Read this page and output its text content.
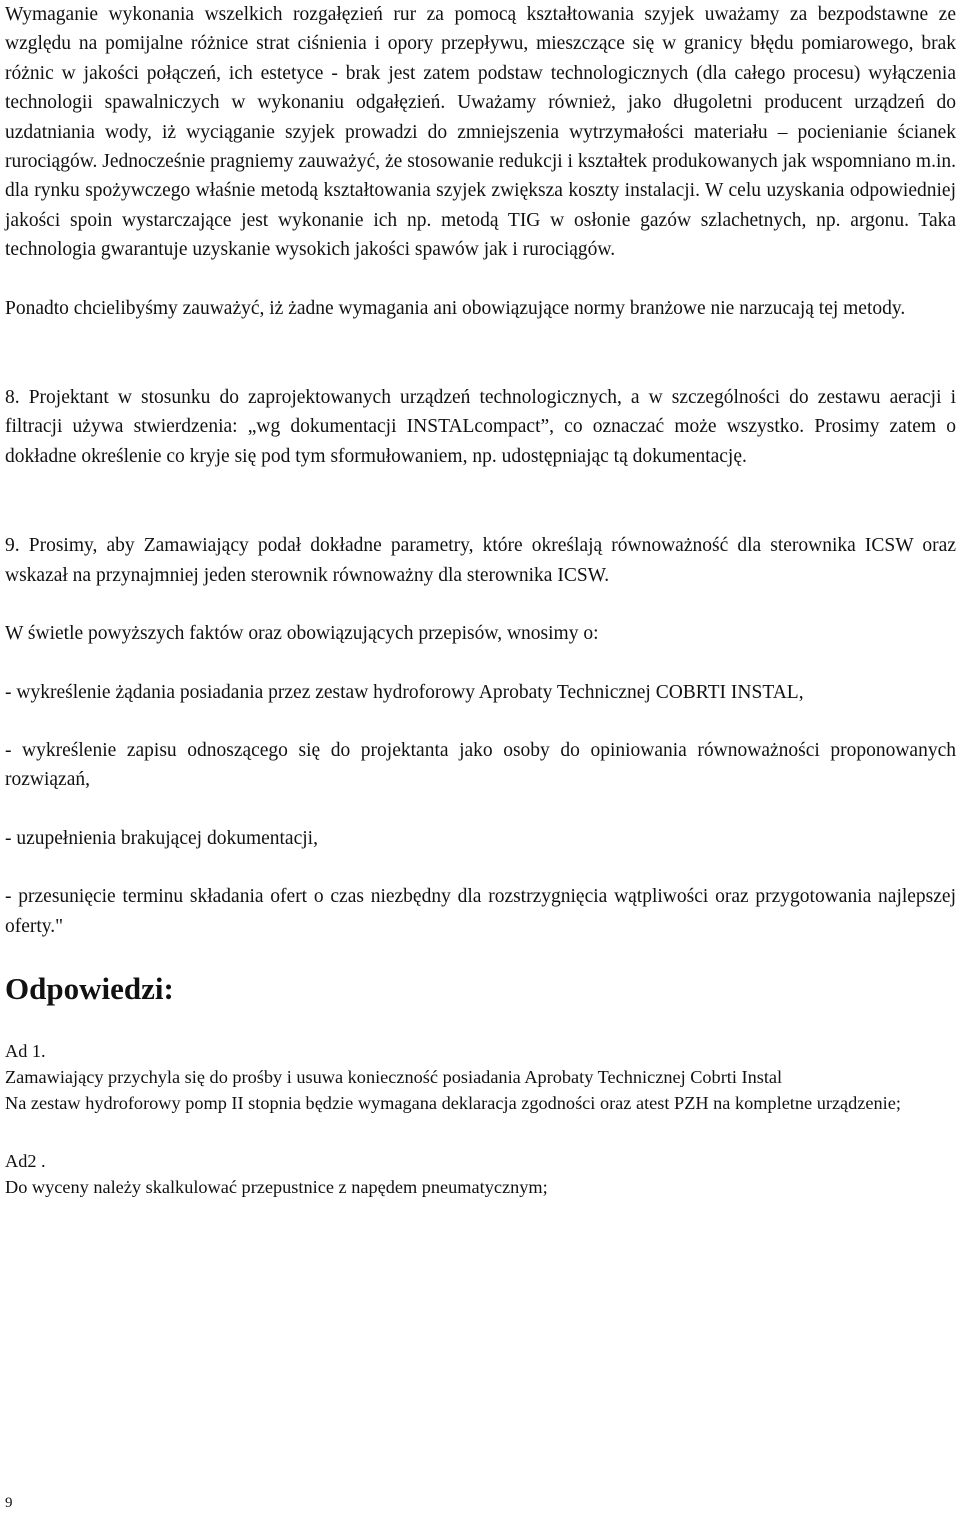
Wymaganie wykonania wszelkich rozgałęzień rur za pomocą kształtowania szyjek uważamy za bezpodstawne ze względu na pomijalne różnice strat ciśnienia i opory przepływu, mieszczące się w granicy błędu pomiarowego, brak różnic w jakości połączeń, ich estetyce - brak jest zatem podstaw technologicznych (dla całego procesu) wyłączenia technologii spawalniczych w wykonaniu odgałęzień. Uważamy również, jako długoletni producent urządzeń do uzdatniania wody, iż wyciąganie szyjek prowadzi do zmniejszenia wytrzymałości materiału – pocienianie ścianek rurociągów. Jednocześnie pragniemy zauważyć, że stosowanie redukcji i kształtek produkowanych jak wspomniano m.in. dla rynku spożywczego właśnie metodą kształtowania szyjek zwiększa koszty instalacji. W celu uzyskania odpowiedniej jakości spoin wystarczające jest wykonanie ich np. metodą TIG w osłonie gazów szlachetnych, np. argonu. Taka technologia gwarantuje uzyskanie wysokich jakości spawów jak i rurociągów.

Ponadto chcielibyśmy zauważyć, iż żadne wymagania ani obowiązujące normy branżowe nie narzucają tej metody.

8. Projektant w stosunku do zaprojektowanych urządzeń technologicznych, a w szczególności do zestawu aeracji i filtracji używa stwierdzenia: „wg dokumentacji INSTALcompact”, co oznaczać może wszystko. Prosimy zatem o dokładne określenie co kryje się pod tym sformułowaniem, np. udostępniając tą dokumentację.

9. Prosimy, aby Zamawiający podał dokładne parametry, które określają równoważność dla sterownika ICSW oraz wskazał na przynajmniej jeden sterownik równoważny dla sterownika ICSW.

W świetle powyższych faktów oraz obowiązujących przepisów, wnosimy o:

- wykreślenie żądania posiadania przez zestaw hydroforowy Aprobaty Technicznej COBRTI INSTAL,

- wykreślenie zapisu odnoszącego się do projektanta jako osoby do opiniowania równoważności proponowanych rozwiązań,

- uzupełnienia brakującej dokumentacji,

- przesunięcie terminu składania ofert o czas niezbędny dla rozstrzygnięcia wątpliwości oraz przygotowania najlepszej oferty."

Odpowiedzi:

Ad 1.

Zamawiający przychyla się do prośby i usuwa konieczność posiadania Aprobaty Technicznej Cobrti Instal

Na zestaw hydroforowy pomp II stopnia będzie wymagana deklaracja zgodności oraz atest PZH na kompletne urządzenie;

Ad2 .

Do wyceny należy skalkulować przepustnice z napędem pneumatycznym;

9
